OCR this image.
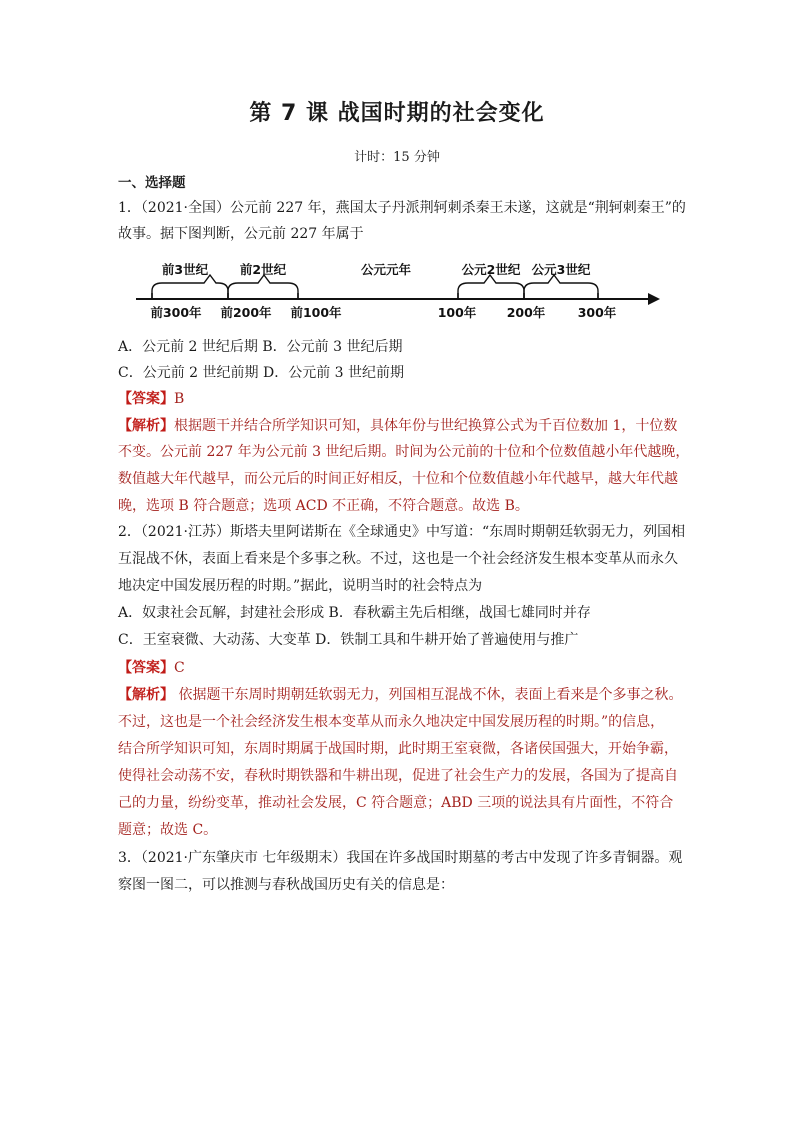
第 7 课 战国时期的社会变化
计时：15 分钟
一、选择题
1．（2021·全国）公元前 227 年，燕国太子丹派荆轲刺杀秦王未遂，这就是“荆轲刺秦王”的
故事。据下图判断，公元前 227 年属于
前3世纪	前2世纪	公元元年	公元2世纪 公元3世纪
前300年 前200年 前100年	100年 200年	300年
A．公元前 2 世纪后期 B．公元前 3 世纪后期
C．公元前 2 世纪前期 D．公元前 3 世纪前期
【答案】B
【解析】根据题干并结合所学知识可知，具体年份与世纪换算公式为千百位数加 1，十位数
不变。公元前 227 年为公元前 3 世纪后期。时间为公元前的十位和个位数值越小年代越晚，
数值越大年代越早，而公元后的时间正好相反，十位和个位数值越小年代越早，越大年代越
晚，选项 B 符合题意；选项 ACD 不正确，不符合题意。故选 B。
2．（2021·江苏）斯塔夫里阿诺斯在《全球通史》中写道：“东周时期朝廷软弱无力，列国相
互混战不休，表面上看来是个多事之秋。不过，这也是一个社会经济发生根本变革从而永久
地决定中国发展历程的时期。”据此，说明当时的社会特点为
A．奴隶社会瓦解，封建社会形成 B．春秋霸主先后相继，战国七雄同时并存
C．王室衰微、大动荡、大变革 D．铁制工具和牛耕开始了普遍使用与推广
【答案】C
【解析】 依据题干东周时期朝廷软弱无力，列国相互混战不休，表面上看来是个多事之秋。
不过，这也是一个社会经济发生根本变革从而永久地决定中国发展历程的时期。”的信息，
结合所学知识可知，东周时期属于战国时期，此时期王室衰微，各诸侯国强大，开始争霸，
使得社会动荡不安，春秋时期铁器和牛耕出现，促进了社会生产力的发展，各国为了提高自
己的力量，纷纷变革，推动社会发展，C 符合题意；ABD 三项的说法具有片面性，不符合
题意；故选 C。
3．（2021·广东肇庆市 七年级期末）我国在许多战国时期墓的考古中发现了许多青铜器。观
察图一图二，可以推测与春秋战国历史有关的信息是：
